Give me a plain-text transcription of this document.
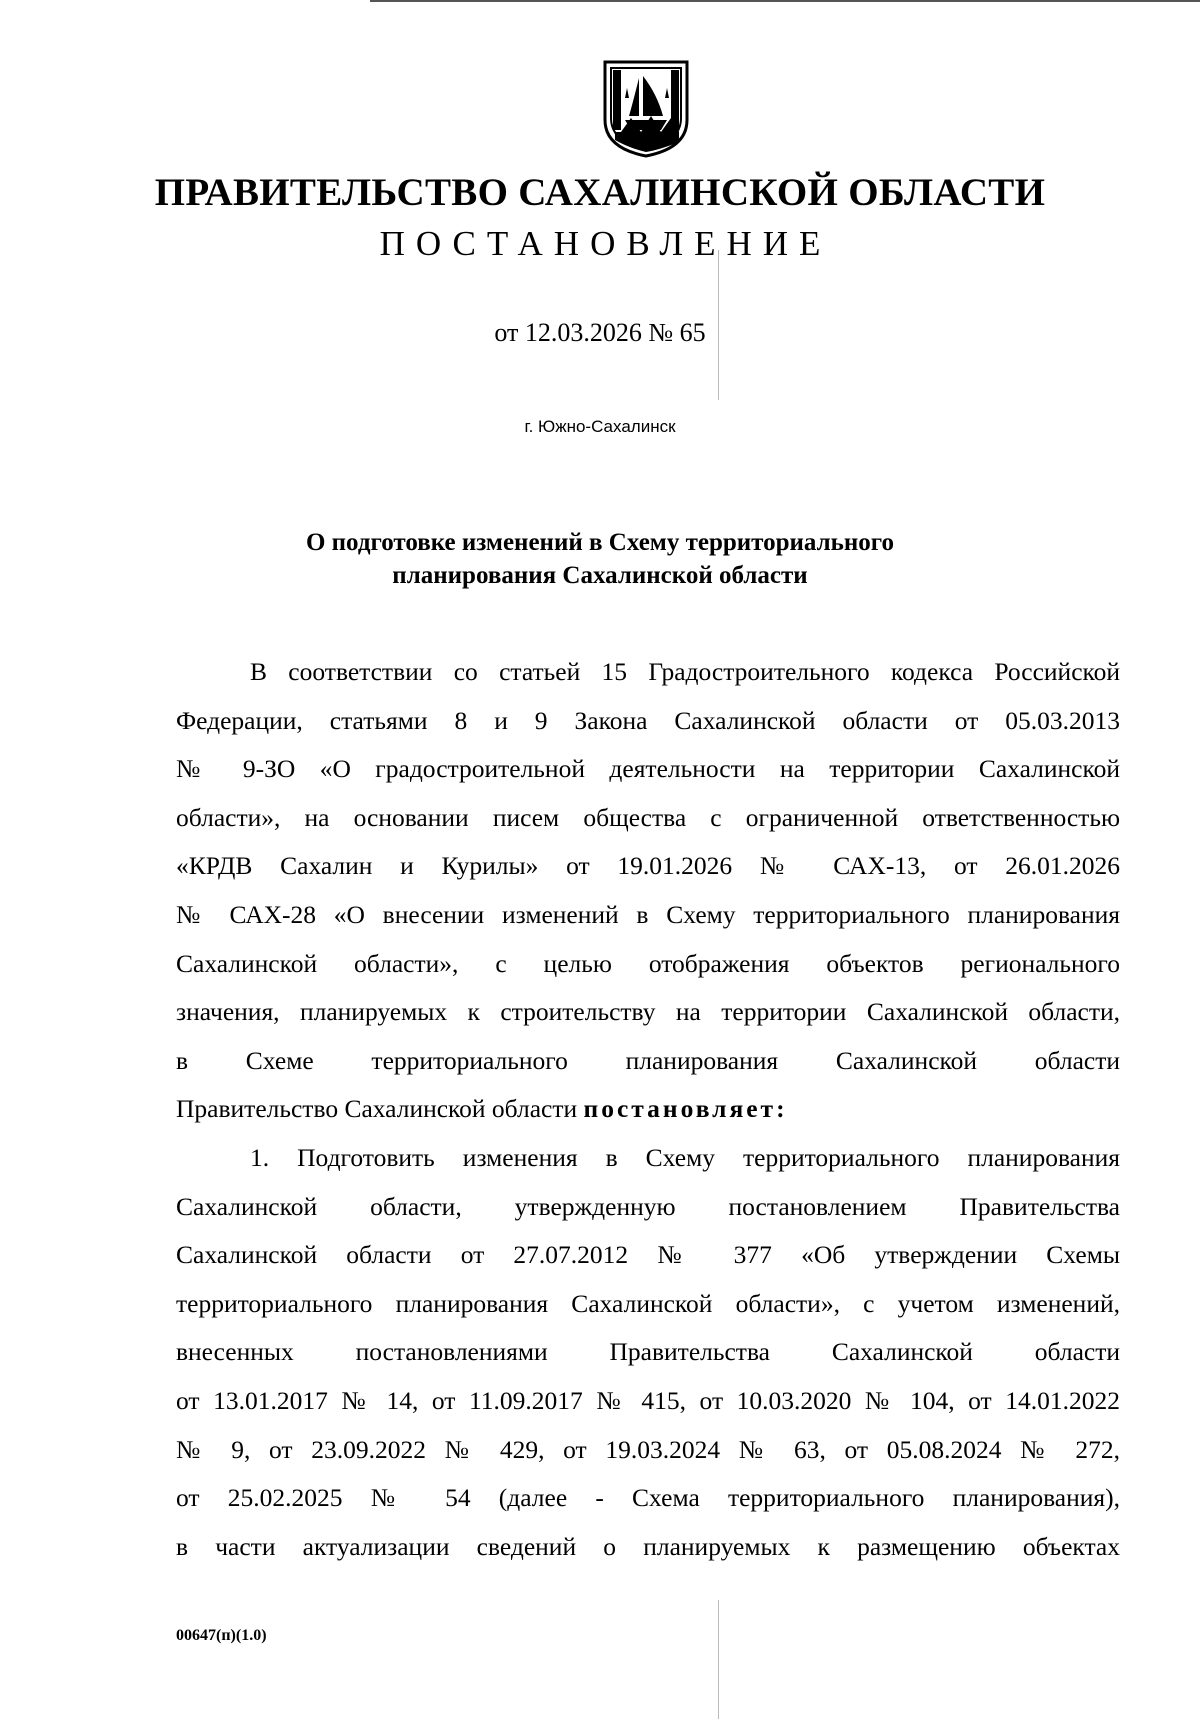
ПРАВИТЕЛЬСТВО САХАЛИНСКОЙ ОБЛАСТИ
ПОСТАНОВЛЕНИЕ
от 12.03.2026 № 65
г. Южно-Сахалинск
О подготовке изменений в Схему территориального
планирования Сахалинской области

В соответствии со статьей 15 Градостроительного кодекса Российской

Федерации, статьями 8 и 9 Закона Сахалинской области от 05.03.2013

№ 9-ЗО «О градостроительной деятельности на территории Сахалинской

области», на основании писем общества с ограниченной ответственностью

«КРДВ Сахалин и Курилы» от 19.01.2026 № САХ-13, от 26.01.2026

№ САХ-28 «О внесении изменений в Схему территориального планирования

Сахалинской области», с целью отображения объектов регионального

значения, планируемых к строительству на территории Сахалинской области,

в Схеме территориального планирования Сахалинской области

Правительство Сахалинской области постановляет:

1. Подготовить изменения в Схему территориального планирования

Сахалинской области, утвержденную постановлением Правительства

Сахалинской области от 27.07.2012 № 377 «Об утверждении Схемы

территориального планирования Сахалинской области», с учетом изменений,

внесенных постановлениями Правительства Сахалинской области

от 13.01.2017 № 14, от 11.09.2017 № 415, от 10.03.2020 № 104, от 14.01.2022

№ 9, от 23.09.2022 № 429, от 19.03.2024 № 63, от 05.08.2024 № 272,

от 25.02.2025 № 54 (далее - Схема территориального планирования),

в части актуализации сведений о планируемых к размещению объектах

00647(п)(1.0)
